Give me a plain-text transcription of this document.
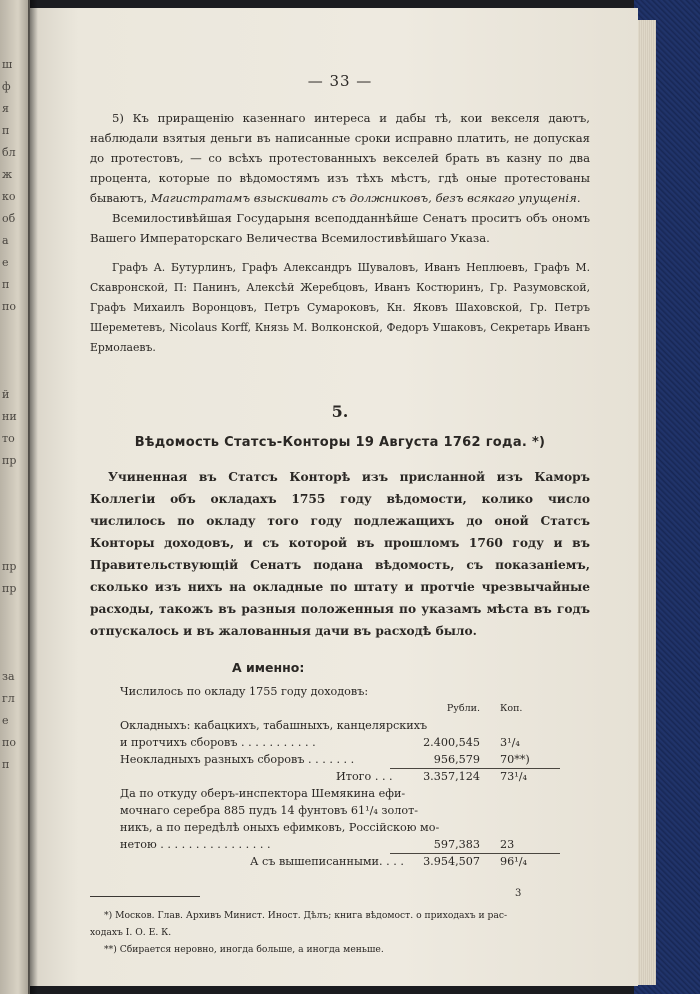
ш
ф
я
п
бл
ж
ко
об
а
е
п
по
й
ни
то
пр
пр
пр
за
гл
е
по
п
— 33 —

5) Къ приращенію казеннаго интереса и дабы тѣ, кои векселя даютъ, наблюдали взятыя деньги въ написанные сроки исправно платить, не допуская до протестовъ, — со всѣхъ протестованныхъ векселей брать въ казну по два процента, которые по вѣдомостямъ изъ тѣхъ мѣстъ, гдѣ оные протестованы бываютъ, Магистратамъ взыскивать съ должниковъ, безъ всякаго упущенія.

Всемилостивѣйшая Государыня всеподданнѣйше Сенатъ проситъ объ ономъ Вашего Императорскаго Величества Всемилостивѣйшаго Указа.

Графъ А. Бутурлинъ, Графъ Александръ Шуваловъ, Иванъ Неплюевъ, Графъ М. Скавронской, П: Панинъ, Алексѣй Жеребцовъ, Иванъ Костюринъ, Гр. Разумовской, Графъ Михаилъ Воронцовъ, Петръ Сумароковъ, Кн. Яковъ Шаховской, Гр. Петръ Шереметевъ, Nicolaus Korff, Князь М. Волконской, Федоръ Ушаковъ, Секретарь Иванъ Ермолаевъ.

5.
Вѣдомость Статсъ-Конторы 19 Августа 1762 года. *)

Учиненная въ Статсъ Конторѣ изъ присланной изъ Каморъ Коллегіи объ окладахъ 1755 году вѣдомости, колико число числилось по окладу того году подлежащихъ до оной Статсъ Конторы доходовъ, и съ которой въ прошломъ 1760 году и въ Правительствующій Сенатъ подана вѣдомость, съ показаніемъ, сколько изъ нихъ на окладные по штату и протчіе чрезвычайные расходы, такожъ въ разныя положенныя по указамъ мѣста въ годъ отпускалось и въ жалованныя дачи въ расходѣ было.

А именно:
Числилось по окладу 1755 году доходовъ:
Рубли. Коп.
Окладныхъ: кабацкихъ, табашныхъ, канцелярскихъ
и протчихъ сборовъ . . . . . . . . . . .	2.400,545 3¹/₄
Неокладныхъ разныхъ сборовъ . . . . . . .	956,579 70**)
Итого . . .	3.357,124 73¹/₄
Да по откуду оберъ-инспектора Шемякина ефи-
мочнаго серебра 885 пудъ 14 фунтовъ 61¹/₄ золот-
никъ, а по передѣлѣ оныхъ ефимковъ, Россійскою мо-
нетою . . . . . . . . . . . . . . . .	597,383 23
А съ вышеписанными. . . .	3.954,507 96¹/₄

*) Москов. Глав. Архивъ Минист. Иност. Дѣлъ; книга вѣдомост. о приходахъ и рас-

ходахъ I. О. Е. К.

**) Сбирается неровно, иногда больше, а иногда меньше.

3
